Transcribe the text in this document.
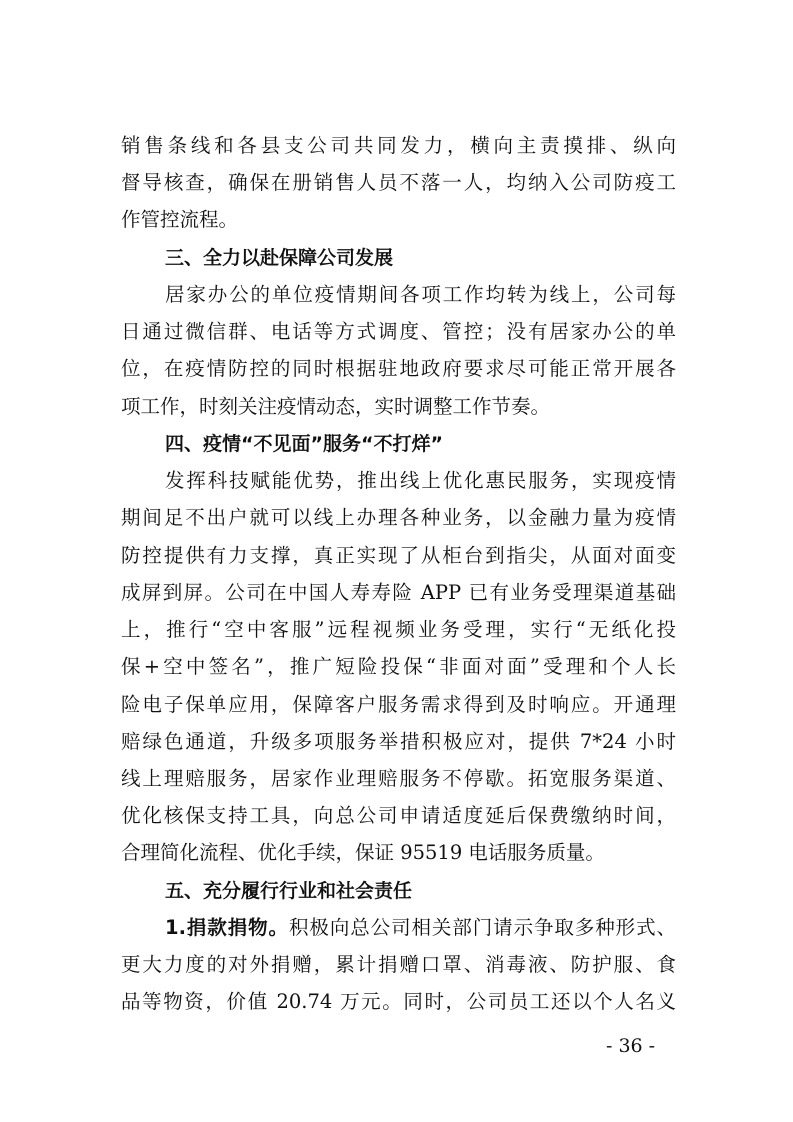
销售条线和各县支公司共同发力，横向主责摸排、纵向
督导核查，确保在册销售人员不落一人，均纳入公司防疫工
作管控流程。
三、全力以赴保障公司发展
居家办公的单位疫情期间各项工作均转为线上，公司每
日通过微信群、电话等方式调度、管控；没有居家办公的单
位，在疫情防控的同时根据驻地政府要求尽可能正常开展各
项工作，时刻关注疫情动态，实时调整工作节奏。
四、疫情“不见面”服务“不打烊”
发挥科技赋能优势，推出线上优化惠民服务，实现疫情
期间足不出户就可以线上办理各种业务，以金融力量为疫情
防控提供有力支撑，真正实现了从柜台到指尖，从面对面变
成屏到屏。公司在中国人寿寿险 APP 已有业务受理渠道基础
上，推行“空中客服”远程视频业务受理，实行“无纸化投
保+空中签名”，推广短险投保“非面对面”受理和个人长
险电子保单应用，保障客户服务需求得到及时响应。开通理
赔绿色通道，升级多项服务举措积极应对，提供 7*24 小时
线上理赔服务，居家作业理赔服务不停歇。拓宽服务渠道、
优化核保支持工具，向总公司申请适度延后保费缴纳时间，
合理简化流程、优化手续，保证 95519 电话服务质量。
五、充分履行行业和社会责任
1.捐款捐物。积极向总公司相关部门请示争取多种形式、
更大力度的对外捐赠，累计捐赠口罩、消毒液、防护服、食
品等物资，价值 20.74 万元。同时，公司员工还以个人名义
- 36 -
